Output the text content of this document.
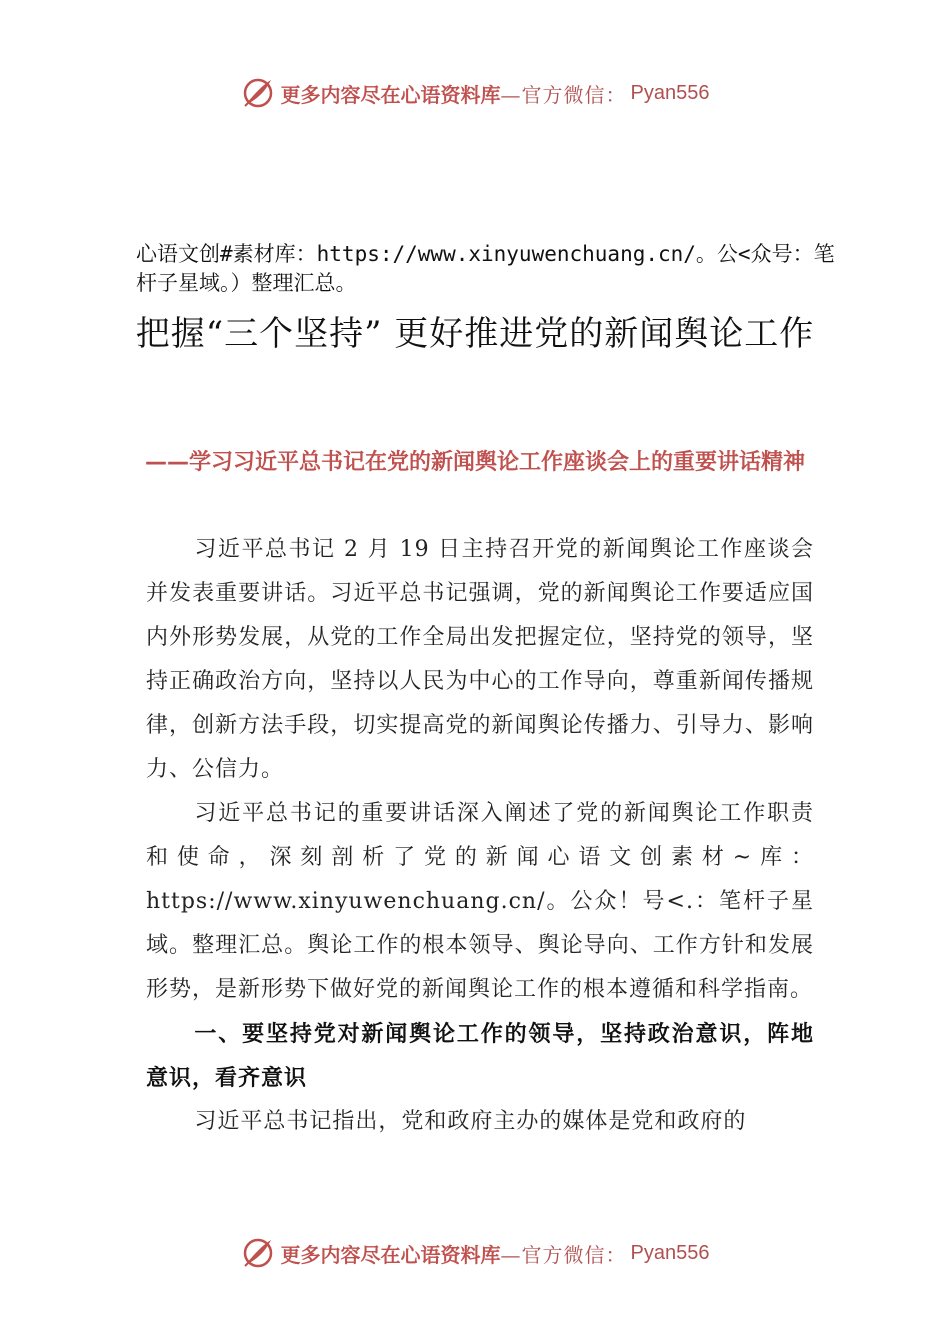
更多内容尽在心语资料库 —官方微信： Pyan556
心语文创#素材库：https://www.xinyuwenchuang.cn/。公<众号：笔杆子星域。）整理汇总。
把握“三个坚持” 更好推进党的新闻舆论工作
——学习习近平总书记在党的新闻舆论工作座谈会上的重要讲话精神

习近平总书记 2 月 19 日主持召开党的新闻舆论工作座谈会并发表重要讲话。习近平总书记强调，党的新闻舆论工作要适应国内外形势发展，从党的工作全局出发把握定位，坚持党的领导，坚持正确政治方向，坚持以人民为中心的工作导向，尊重新闻传播规律，创新方法手段，切实提高党的新闻舆论传播力、引导力、影响力、公信力。

习近平总书记的重要讲话深入阐述了党的新闻舆论工作职责和使命，深刻剖析了党的新闻心语文创素材~库：https://www.xinyuwenchuang.cn/。公众！号<.：笔杆子星域。整理汇总。舆论工作的根本领导、舆论导向、工作方针和发展形势，是新形势下做好党的新闻舆论工作的根本遵循和科学指南。

一、要坚持党对新闻舆论工作的领导，坚持政治意识，阵地意识，看齐意识

习近平总书记指出，党和政府主办的媒体是党和政府的

更多内容尽在心语资料库 —官方微信： Pyan556
